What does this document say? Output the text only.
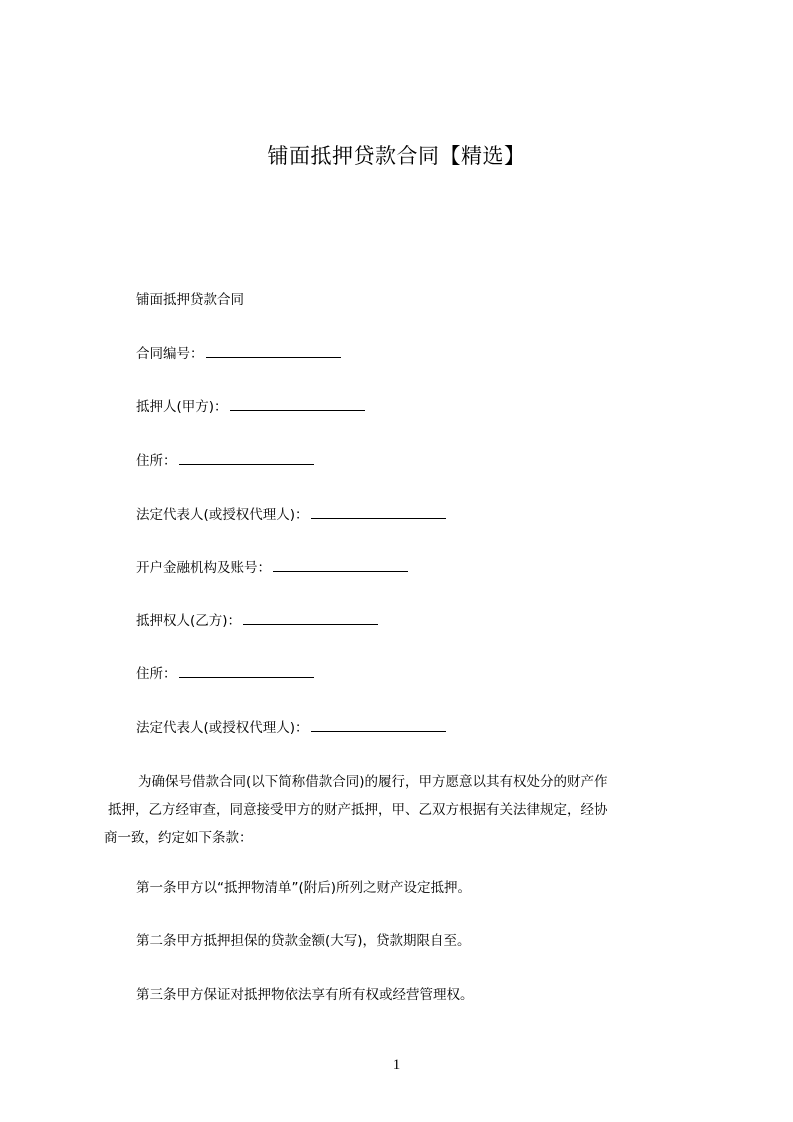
铺面抵押贷款合同【精选】
铺面抵押贷款合同
合同编号：
抵押人(甲方)：
住所：
法定代表人(或授权代理人)：
开户金融机构及账号：
抵押权人(乙方)：
住所：
法定代表人(或授权代理人)：
为确保号借款合同(以下简称借款合同)的履行，甲方愿意以其有权处分的财产作
抵押，乙方经审查，同意接受甲方的财产抵押，甲、乙双方根据有关法律规定，经协
商一致，约定如下条款：
第一条甲方以“抵押物清单”(附后)所列之财产设定抵押。
第二条甲方抵押担保的贷款金额(大写)，贷款期限自至。
第三条甲方保证对抵押物依法享有所有权或经营管理权。
1
